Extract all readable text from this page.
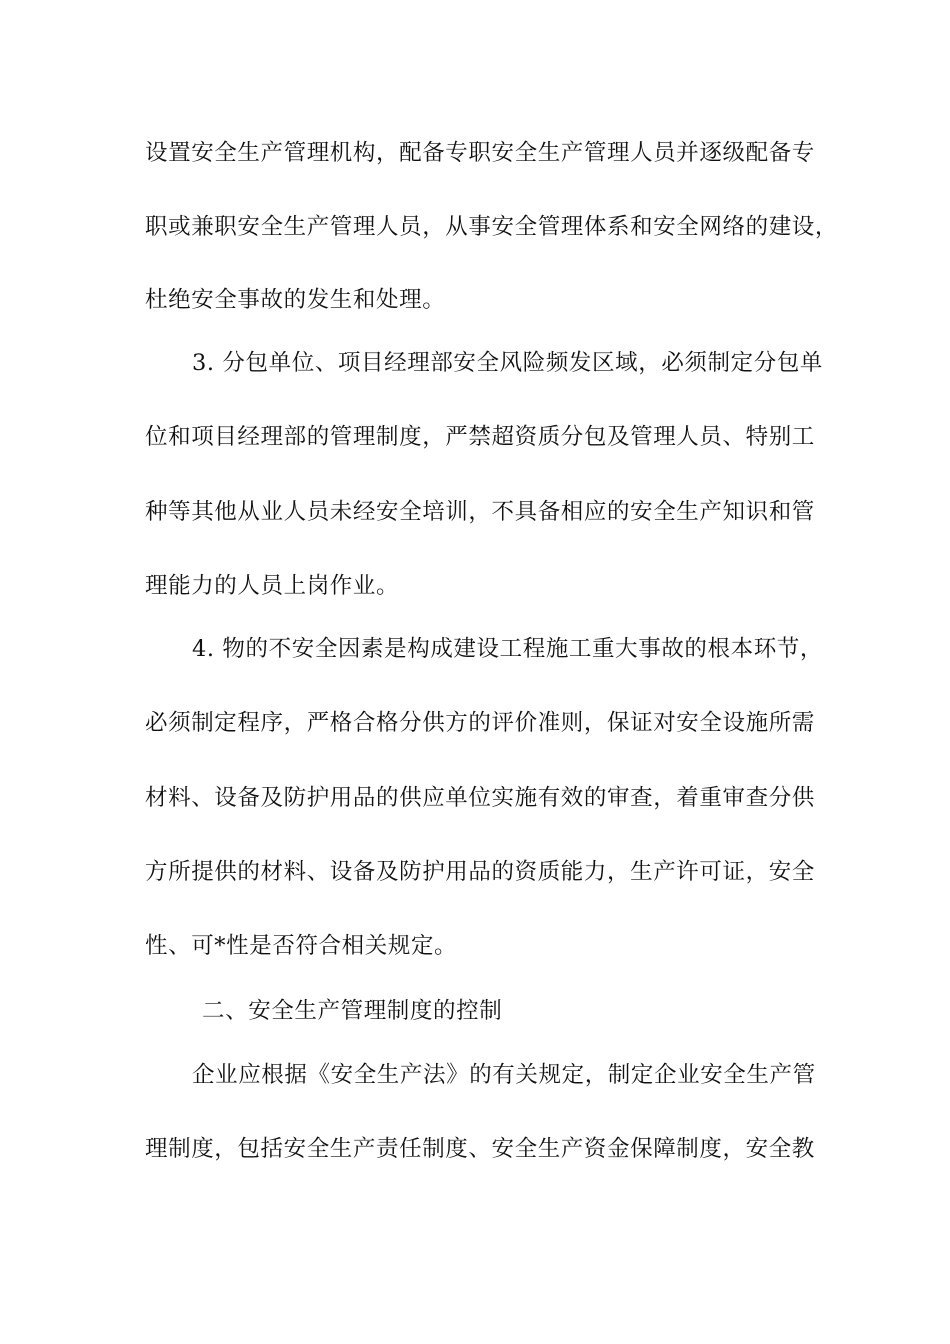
设置安全生产管理机构，配备专职安全生产管理人员并逐级配备专
职或兼职安全生产管理人员，从事安全管理体系和安全网络的建设，
杜绝安全事故的发生和处理。
3. 分包单位、项目经理部安全风险频发区域，必须制定分包单
位和项目经理部的管理制度，严禁超资质分包及管理人员、特别工
种等其他从业人员未经安全培训，不具备相应的安全生产知识和管
理能力的人员上岗作业。
4. 物的不安全因素是构成建设工程施工重大事故的根本环节，
必须制定程序，严格合格分供方的评价准则，保证对安全设施所需
材料、设备及防护用品的供应单位实施有效的审查，着重审查分供
方所提供的材料、设备及防护用品的资质能力，生产许可证，安全
性、可*性是否符合相关规定。
二、安全生产管理制度的控制
企业应根据《安全生产法》的有关规定，制定企业安全生产管
理制度，包括安全生产责任制度、安全生产资金保障制度，安全教
